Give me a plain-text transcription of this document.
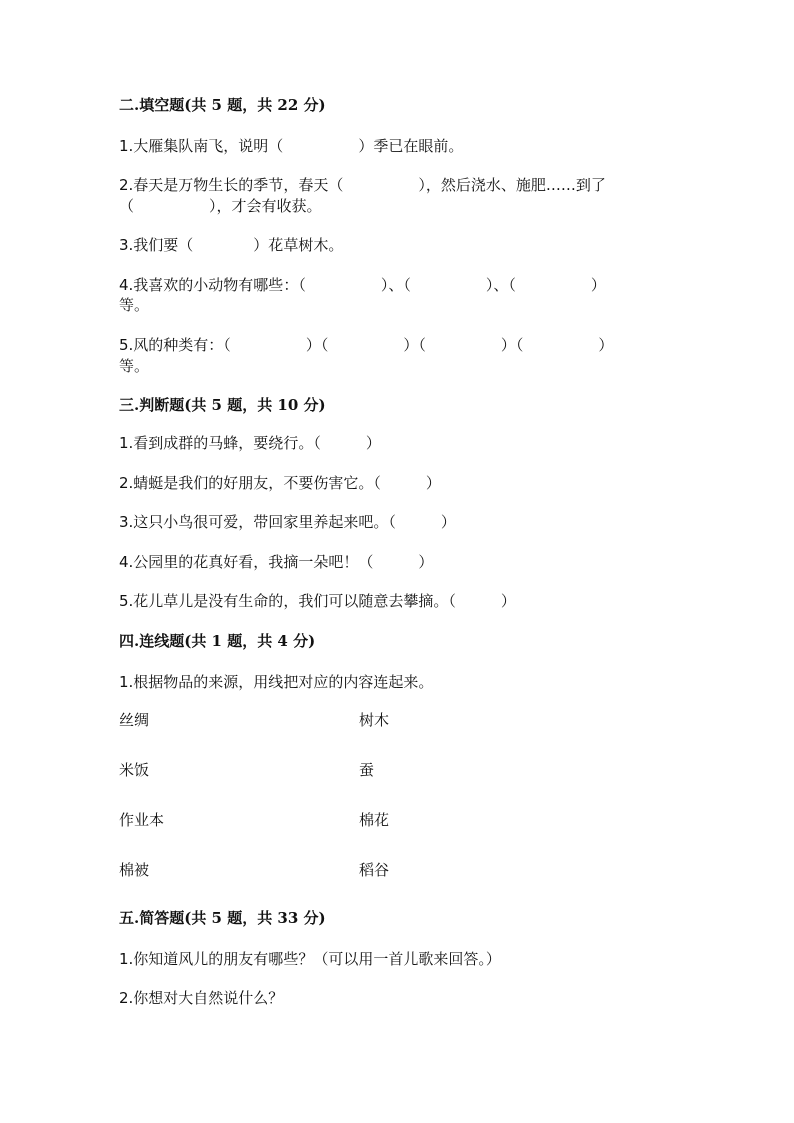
二.填空题(共 5 题，共 22 分)
1.大雁集队南飞，说明（　　　　　）季已在眼前。
2.春天是万物生长的季节，春天（　　　　　），然后浇水、施肥……到了
（　　　　　），才会有收获。
3.我们要（　　　　）花草树木。
4.我喜欢的小动物有哪些：（　　　　　）、（　　　　　）、（　　　　　）
等。
5.风的种类有：（　　　　　）（　　　　　）（　　　　　）（　　　　　）
等。
三.判断题(共 5 题，共 10 分)
1.看到成群的马蜂，要绕行。（　　　）
2.蜻蜓是我们的好朋友，不要伤害它。（　　　）
3.这只小鸟很可爱，带回家里养起来吧。（　　　）
4.公园里的花真好看，我摘一朵吧！（　　　）
5.花儿草儿是没有生命的，我们可以随意去攀摘。（　　　）
四.连线题(共 1 题，共 4 分)
1.根据物品的来源，用线把对应的内容连起来。
丝绸	树木
米饭	蚕
作业本	棉花
棉被	稻谷
五.简答题(共 5 题，共 33 分)
1.你知道风儿的朋友有哪些？（可以用一首儿歌来回答。）
2.你想对大自然说什么？
